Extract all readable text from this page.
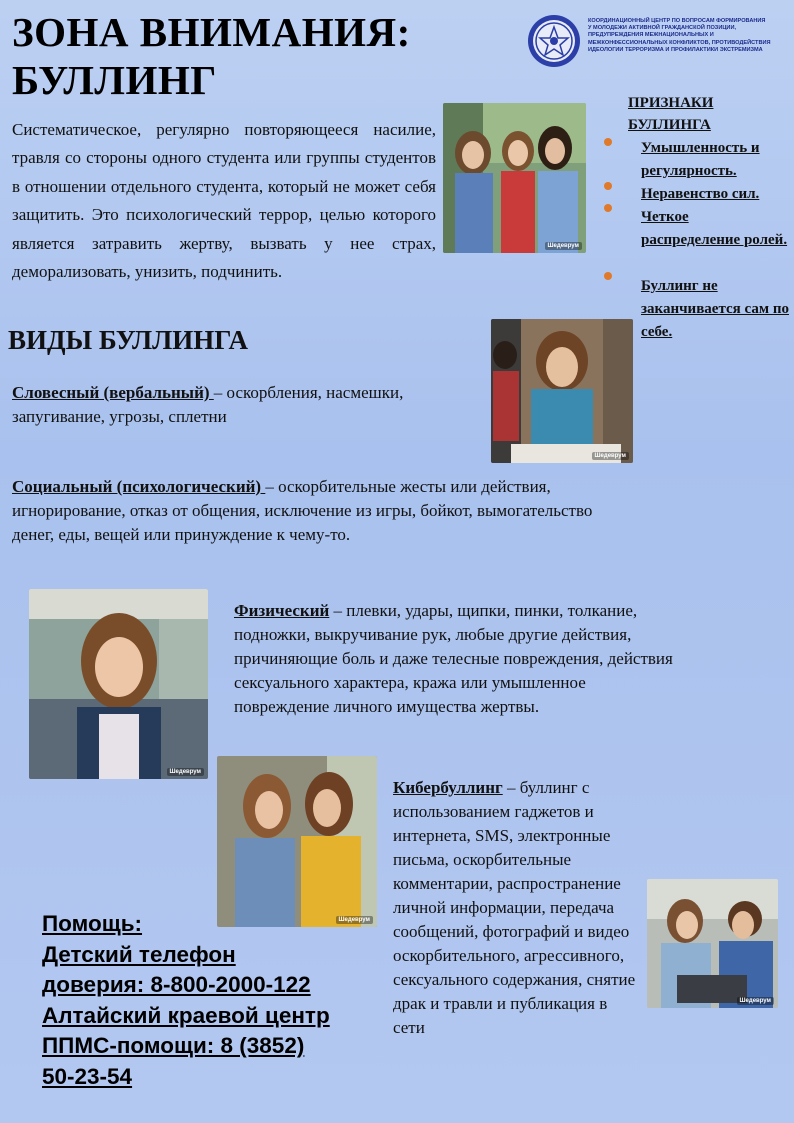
ЗОНА ВНИМАНИЯ:
БУЛЛИНГ
КООРДИНАЦИОННЫЙ ЦЕНТР ПО ВОПРОСАМ ФОРМИРОВАНИЯ
У МОЛОДЕЖИ АКТИВНОЙ ГРАЖДАНСКОЙ ПОЗИЦИИ,
ПРЕДУПРЕЖДЕНИЯ МЕЖНАЦИОНАЛЬНЫХ И
МЕЖКОНФЕССИОНАЛЬНЫХ КОНФЛИКТОВ, ПРОТИВОДЕЙСТВИЯ
ИДЕОЛОГИИ ТЕРРОРИЗМА И ПРОФИЛАКТИКИ ЭКСТРЕМИЗМА
Систематическое, регулярно повторяющееся насилие, травля со стороны одного студента или группы студентов в отношении отдельного студента, который не может себя защитить. Это психологический террор, целью которого является затравить жертву, вызвать у нее страх, деморализовать, унизить, подчинить.
Шедеврум
ПРИЗНАКИ
БУЛЛИНГА
Умышленность и регулярность.
Неравенство сил.
Четкое распределение ролей.
Буллинг не заканчивается сам по себе.
ВИДЫ БУЛЛИНГА
Шедеврум
Словесный (вербальный) – оскорбления, насмешки, запугивание, угрозы, сплетни
Социальный (психологический) – оскорбительные жесты или действия, игнорирование, отказ от общения, исключение из игры, бойкот, вымогательство денег, еды, вещей или принуждение к чему-то.
Шедеврум
Физический – плевки, удары, щипки, пинки, толкание, подножки, выкручивание рук, любые другие действия, причиняющие боль и даже телесные повреждения, действия сексуального характера, кража или умышленное повреждение личного имущества жертвы.
Шедеврум
Кибербуллинг – буллинг с использованием гаджетов и интернета, SMS, электронные письма, оскорбительные комментарии, распространение личной информации, передача сообщений, фотографий и видео оскорбительного, агрессивного, сексуального содержания, снятие драк и травли и публикация в сети
Шедеврум
Помощь:
Детский телефон
доверия: 8-800-2000-122
Алтайский краевой центр
ППМС-помощи: 8 (3852)
50-23-54
